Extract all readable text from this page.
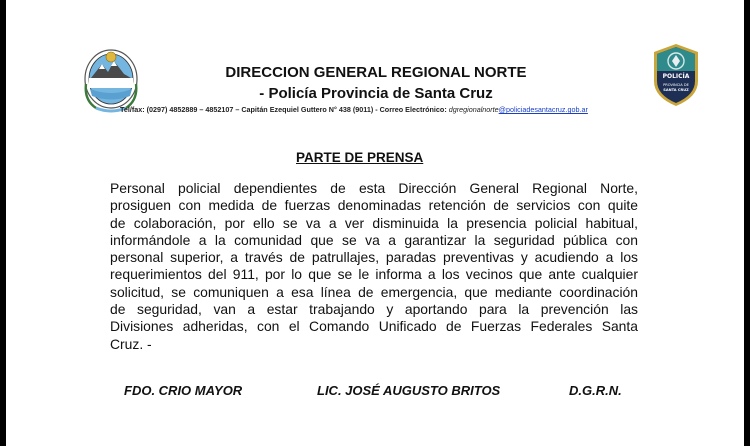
DIRECCION GENERAL REGIONAL NORTE
- Policía Provincia de Santa Cruz
Tel/fax: (0297) 4852889 – 4852107 – Capitán Ezequiel Guttero N° 438 (9011) - Correo Electrónico: dgregionalnorte@policiadesantacruz.gob.ar
POLICÍA
PROVINCIA DE
SANTA CRUZ
PARTE DE PRENSA
Personal policial dependientes de esta Dirección General Regional Norte,
prosiguen con medida de fuerzas denominadas retención de servicios con quite
de colaboración, por ello se va a ver disminuida la presencia policial habitual,
informándole a la comunidad que se va a garantizar la seguridad pública con
personal superior, a través de patrullajes, paradas preventivas y acudiendo a los
requerimientos del 911, por lo que se le informa a los vecinos que ante cualquier
solicitud, se comuniquen a esa línea de emergencia, que mediante coordinación
de seguridad, van a estar trabajando y aportando para la prevención las
Divisiones adheridas, con el Comando Unificado de Fuerzas Federales Santa
Cruz. -
FDO. CRIO MAYOR	LIC. JOSÉ AUGUSTO BRITOS	D.G.R.N.
